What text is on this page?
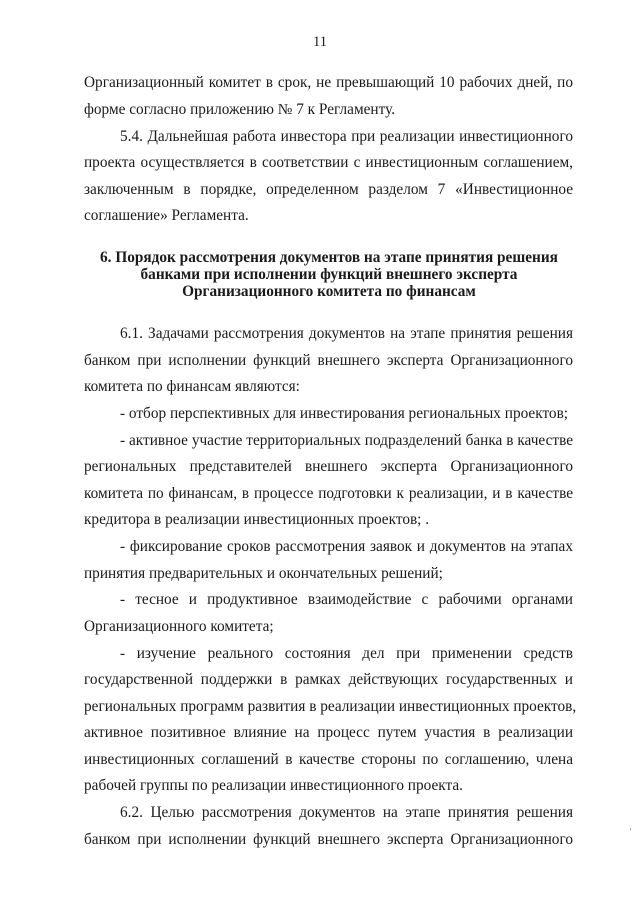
11
Организационный комитет в срок, не превышающий 10 рабочих дней, по
форме согласно приложению № 7 к Регламенту.
5.4. Дальнейшая работа инвестора при реализации инвестиционного
проекта осуществляется в соответствии с инвестиционным соглашением,
заключенным в порядке, определенном разделом 7 «Инвестиционное
соглашение» Регламента.
6. Порядок рассмотрения документов на этапе принятия решения
банками при исполнении функций внешнего эксперта
Организационного комитета по финансам
6.1. Задачами рассмотрения документов на этапе принятия решения
банком при исполнении функций внешнего эксперта Организационного
комитета по финансам являются:
- отбор перспективных для инвестирования региональных проектов;
- активное участие территориальных подразделений банка в качестве
региональных представителей внешнего эксперта Организационного
комитета по финансам, в процессе подготовки к реализации, и в качестве
кредитора в реализации инвестиционных проектов; .
- фиксирование сроков рассмотрения заявок и документов на этапах
принятия предварительных и окончательных решений;
- тесное и продуктивное взаимодействие с рабочими органами
Организационного комитета;
- изучение реального состояния дел при применении средств
государственной поддержки в рамках действующих государственных и
региональных программ развития в реализации инвестиционных проектов,
активное позитивное влияние на процесс путем участия в реализации
инвестиционных соглашений в качестве стороны по соглашению, члена
рабочей группы по реализации инвестиционного проекта.
6.2. Целью рассмотрения документов на этапе принятия решения
банком при исполнении функций внешнего эксперта Организационного	'
